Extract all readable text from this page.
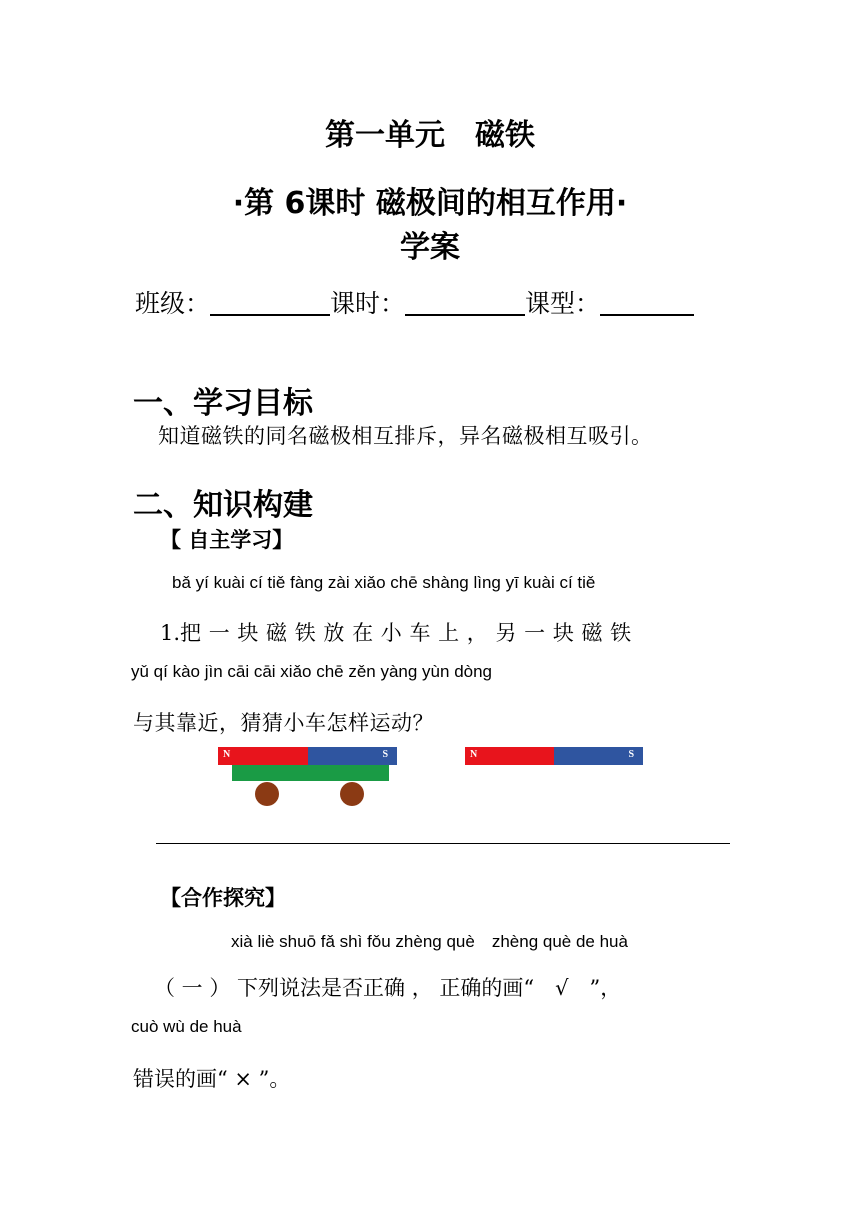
第一单元　磁铁
·第 6课时 磁极间的相互作用·
学案
班级：	课时：	课型：
一、学习目标
知道磁铁的同名磁极相互排斥，异名磁极相互吸引。
二、知识构建
【 自主学习】
bǎ yí kuài cí tiě fàng zài xiǎo chē shàng lìng yī kuài cí tiě
1.把 一 块 磁 铁 放 在 小 车 上 ， 另 一 块 磁 铁
yǔ qí kào jìn cāi cāi xiǎo chē zěn yàng yùn dòng
与其靠近，猜猜小车怎样运动？
N	S	N	S
【合作探究】
xià liè shuō fǎ shì fǒu zhèng què　zhèng què de huà
（ 一 ） 下列说法是否正确 ， 正确的画“　√　”，
cuò wù de huà
错误的画“ × ”。
